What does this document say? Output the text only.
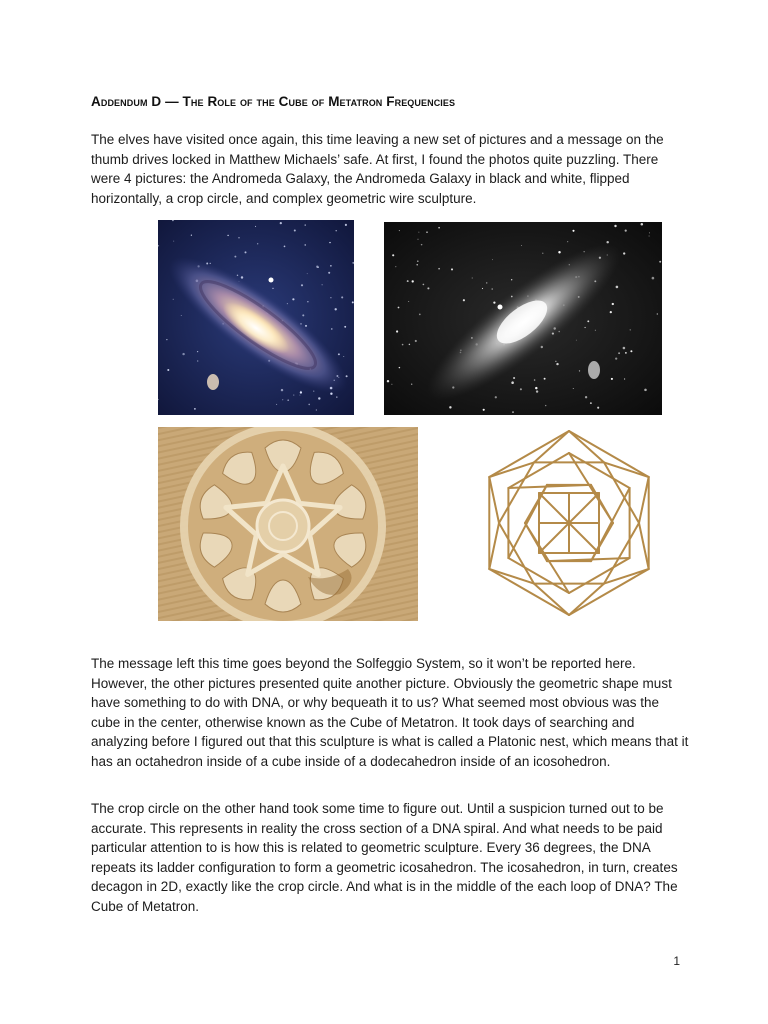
Addendum D — The Role of the Cube of Metatron Frequencies

The elves have visited once again, this time leaving a new set of pictures and a message on the thumb drives locked in Matthew Michaels’ safe. At first, I found the photos quite puzzling. There were 4 pictures: the Andromeda Galaxy, the Andromeda Galaxy in black and white, flipped horizontally, a crop circle, and complex geometric wire sculpture.

The message left this time goes beyond the Solfeggio System, so it won’t be reported here. However, the other pictures presented quite another picture. Obviously the geometric shape must have something to do with DNA, or why bequeath it to us? What seemed most obvious was the cube in the center, otherwise known as the Cube of Metatron. It took days of searching and analyzing before I figured out that this sculpture is what is called a Platonic nest, which means that it has an octahedron inside of a cube inside of a dodecahedron inside of an icosohedron.

The crop circle on the other hand took some time to figure out. Until a suspicion turned out to be accurate. This represents in reality the cross section of a DNA spiral. And what needs to be paid particular attention to is how this is related to geometric sculpture. Every 36 degrees, the DNA repeats its ladder configuration to form a geometric icosahedron. The icosahedron, in turn, creates decagon in 2D, exactly like the crop circle. And what is in the middle of the each loop of DNA? The Cube of Metatron.

1
